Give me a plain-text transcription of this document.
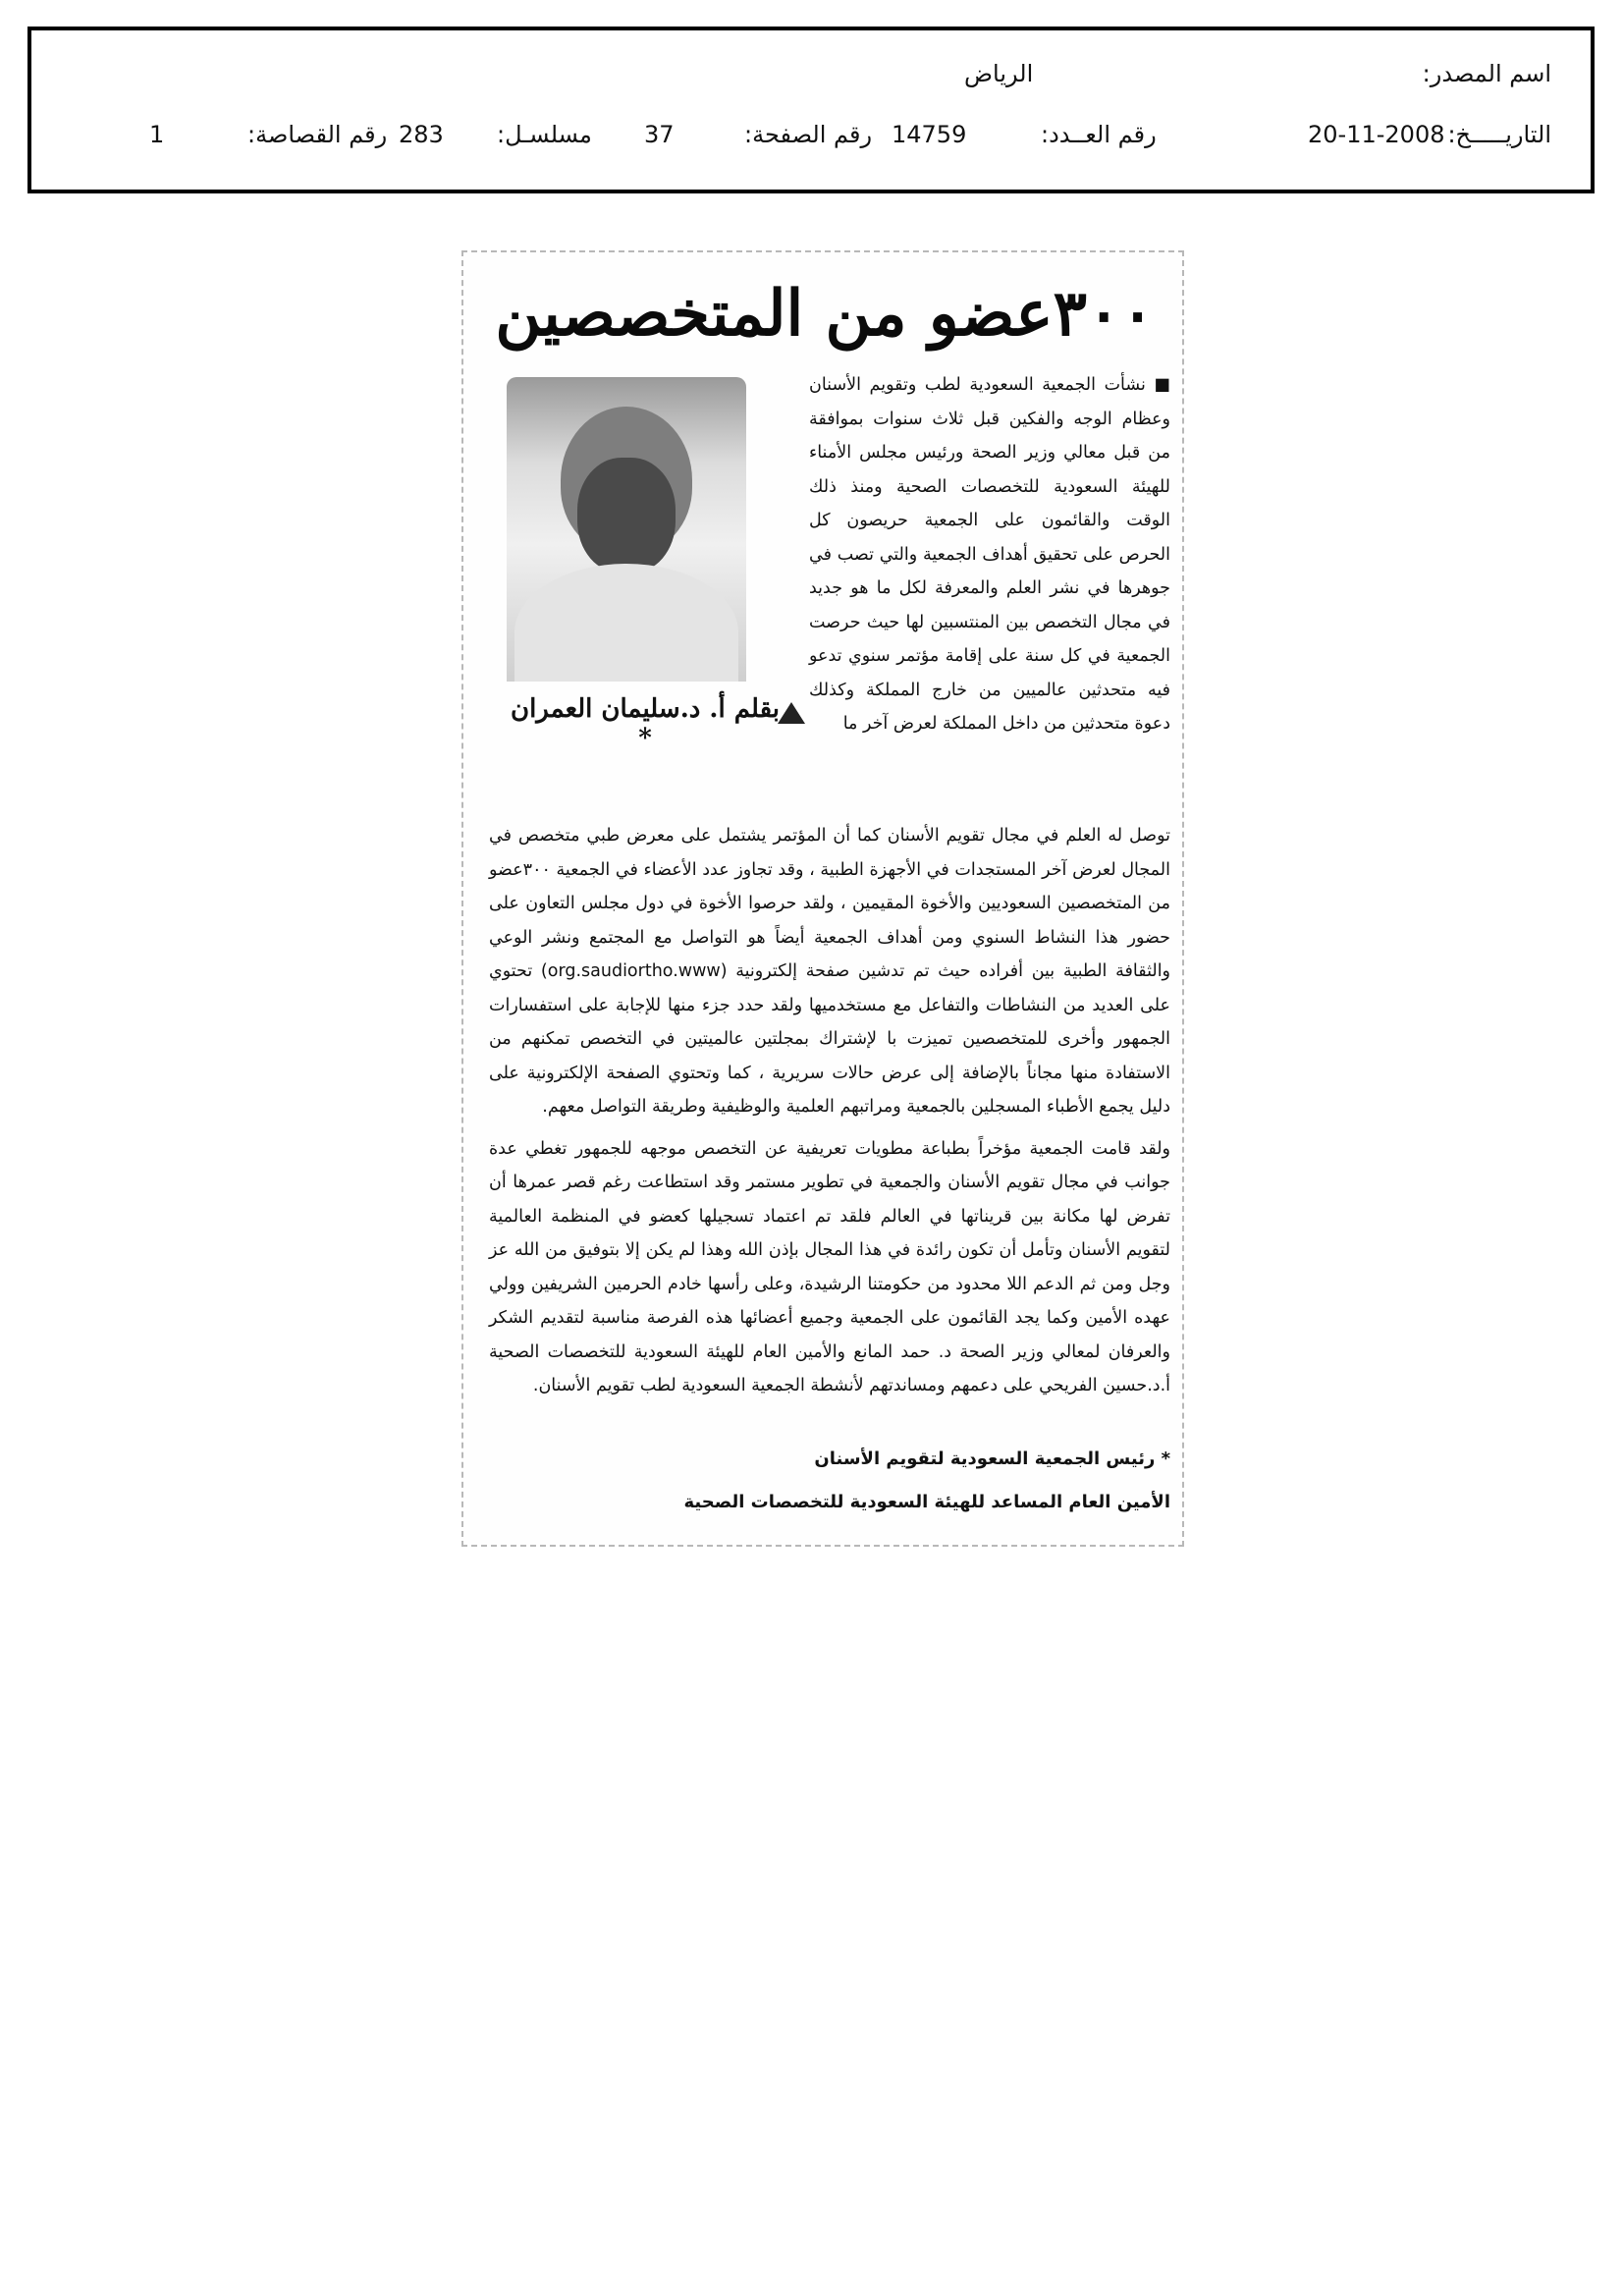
اسم المصدر:
الرياض
التاريـــــخ:
20-11-2008
رقم العــدد:
14759
رقم الصفحة:
37
مسلسـل:
283
رقم القصاصة:
1
٣٠٠عضو من المتخصصين
بقلم أ. د.سليمان العمران *
■ نشأت الجمعية السعودية لطب وتقويم الأسنان وعظام الوجه والفكين قبل ثلاث سنوات بموافقة من قبل معالي وزير الصحة ورئيس مجلس الأمناء للهيئة السعودية للتخصصات الصحية ومنذ ذلك الوقت والقائمون على الجمعية حريصون كل الحرص على تحقيق أهداف الجمعية والتي تصب في جوهرها في نشر العلم والمعرفة لكل ما هو جديد في مجال التخصص بين المنتسبين لها حيث حرصت الجمعية في كل سنة على إقامة مؤتمر سنوي تدعو فيه متحدثين عالميين من خارج المملكة وكذلك دعوة متحدثين من داخل المملكة لعرض آخر ما

توصل له العلم في مجال تقويم الأسنان كما أن المؤتمر يشتمل على معرض طبي متخصص في المجال لعرض آخر المستجدات في الأجهزة الطبية ، وقد تجاوز عدد الأعضاء في الجمعية ٣٠٠عضو من المتخصصين السعوديين والأخوة المقيمين ، ولقد حرصوا الأخوة في دول مجلس التعاون على حضور هذا النشاط السنوي ومن أهداف الجمعية أيضاً هو التواصل مع المجتمع ونشر الوعي والثقافة الطبية بين أفراده حيث تم تدشين صفحة إلكترونية (org.saudiortho.www) تحتوي على العديد من النشاطات والتفاعل مع مستخدميها ولقد حدد جزء منها للإجابة على استفسارات الجمهور وأخرى للمتخصصين تميزت با لإشتراك بمجلتين عالميتين في التخصص تمكنهم من الاستفادة منها مجاناً بالإضافة إلى عرض حالات سريرية ، كما وتحتوي الصفحة الإلكترونية على دليل يجمع الأطباء المسجلين بالجمعية ومراتبهم العلمية والوظيفية وطريقة التواصل معهم.

ولقد قامت الجمعية مؤخراً بطباعة مطويات تعريفية عن التخصص موجهه للجمهور تغطي عدة جوانب في مجال تقويم الأسنان والجمعية في تطوير مستمر وقد استطاعت رغم قصر عمرها أن تفرض لها مكانة بين قريناتها في العالم فلقد تم اعتماد تسجيلها كعضو في المنظمة العالمية لتقويم الأسنان وتأمل أن تكون رائدة في هذا المجال بإذن الله وهذا لم يكن إلا بتوفيق من الله عز وجل ومن ثم الدعم اللا محدود من حكومتنا الرشيدة، وعلى رأسها خادم الحرمين الشريفين وولي عهده الأمين وكما يجد القائمون على الجمعية وجميع أعضائها هذه الفرصة مناسبة لتقديم الشكر والعرفان لمعالي وزير الصحة د. حمد المانع والأمين العام للهيئة السعودية للتخصصات الصحية أ.د.حسين الفريحي على دعمهم ومساندتهم لأنشطة الجمعية السعودية لطب تقويم الأسنان.

* رئيس الجمعية السعودية لتقويم الأسنان
الأمين العام المساعد للهيئة السعودية للتخصصات الصحية
